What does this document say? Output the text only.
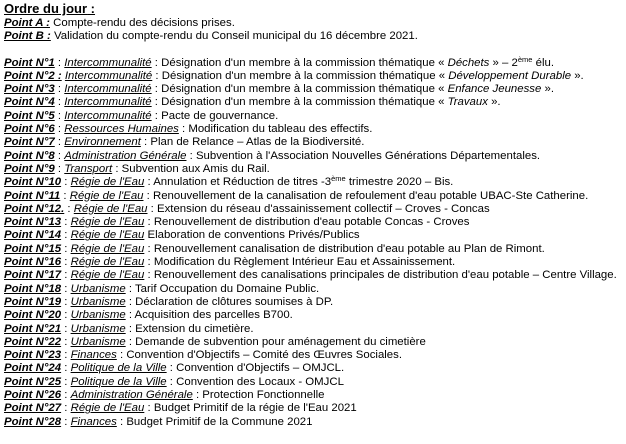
Ordre du jour :
Point A : Compte-rendu des décisions prises.
Point B : Validation du compte-rendu du Conseil municipal du 16 décembre 2021.
Point N°1 : Intercommunalité : Désignation d'un membre à la commission thématique « Déchets » – 2ème élu.
Point N°2 : Intercommunalité : Désignation d'un membre à la commission thématique « Développement Durable ».
Point N°3 : Intercommunalité : Désignation d'un membre à la commission thématique « Enfance Jeunesse ».
Point N°4 : Intercommunalité : Désignation d'un membre à la commission thématique « Travaux ».
Point N°5 : Intercommunalité : Pacte de gouvernance.
Point N°6 : Ressources Humaines : Modification du tableau des effectifs.
Point N°7 : Environnement : Plan de Relance – Atlas de la Biodiversité.
Point N°8 : Administration Générale : Subvention à l'Association Nouvelles Générations Départementales.
Point N°9 : Transport : Subvention aux Amis du Rail.
Point N°10 : Régie de l'Eau : Annulation et Réduction de titres -3ème trimestre 2020 – Bis.
Point N°11 : Régie de l'Eau : Renouvellement de la canalisation de refoulement d'eau potable UBAC-Ste Catherine.
Point N°12. : Régie de l'Eau : Extension du réseau d'assainissement collectif – Croves - Concas
Point N°13 : Régie de l'Eau : Renouvellement de distribution d'eau potable Concas - Croves
Point N°14 : Régie de l'Eau Elaboration de conventions Privés/Publics
Point N°15 : Régie de l'Eau : Renouvellement canalisation de distribution d'eau potable au Plan de Rimont.
Point N°16 : Régie de l'Eau : Modification du Règlement Intérieur Eau et Assainissement.
Point N°17 : Régie de l'Eau : Renouvellement des canalisations principales de distribution d'eau potable – Centre Village.
Point N°18 : Urbanisme : Tarif Occupation du Domaine Public.
Point N°19 : Urbanisme : Déclaration de clôtures soumises à DP.
Point N°20 : Urbanisme : Acquisition des parcelles B700.
Point N°21 : Urbanisme : Extension du cimetière.
Point N°22 : Urbanisme : Demande de subvention pour aménagement du cimetière
Point N°23 : Finances : Convention d'Objectifs – Comité des Œuvres Sociales.
Point N°24 : Politique de la Ville : Convention d'Objectifs – OMJCL.
Point N°25 : Politique de la Ville : Convention des Locaux - OMJCL
Point N°26 : Administration Générale : Protection Fonctionnelle
Point N°27 : Régie de l'Eau : Budget Primitif de la régie de l'Eau 2021
Point N°28 : Finances : Budget Primitif de la Commune 2021
